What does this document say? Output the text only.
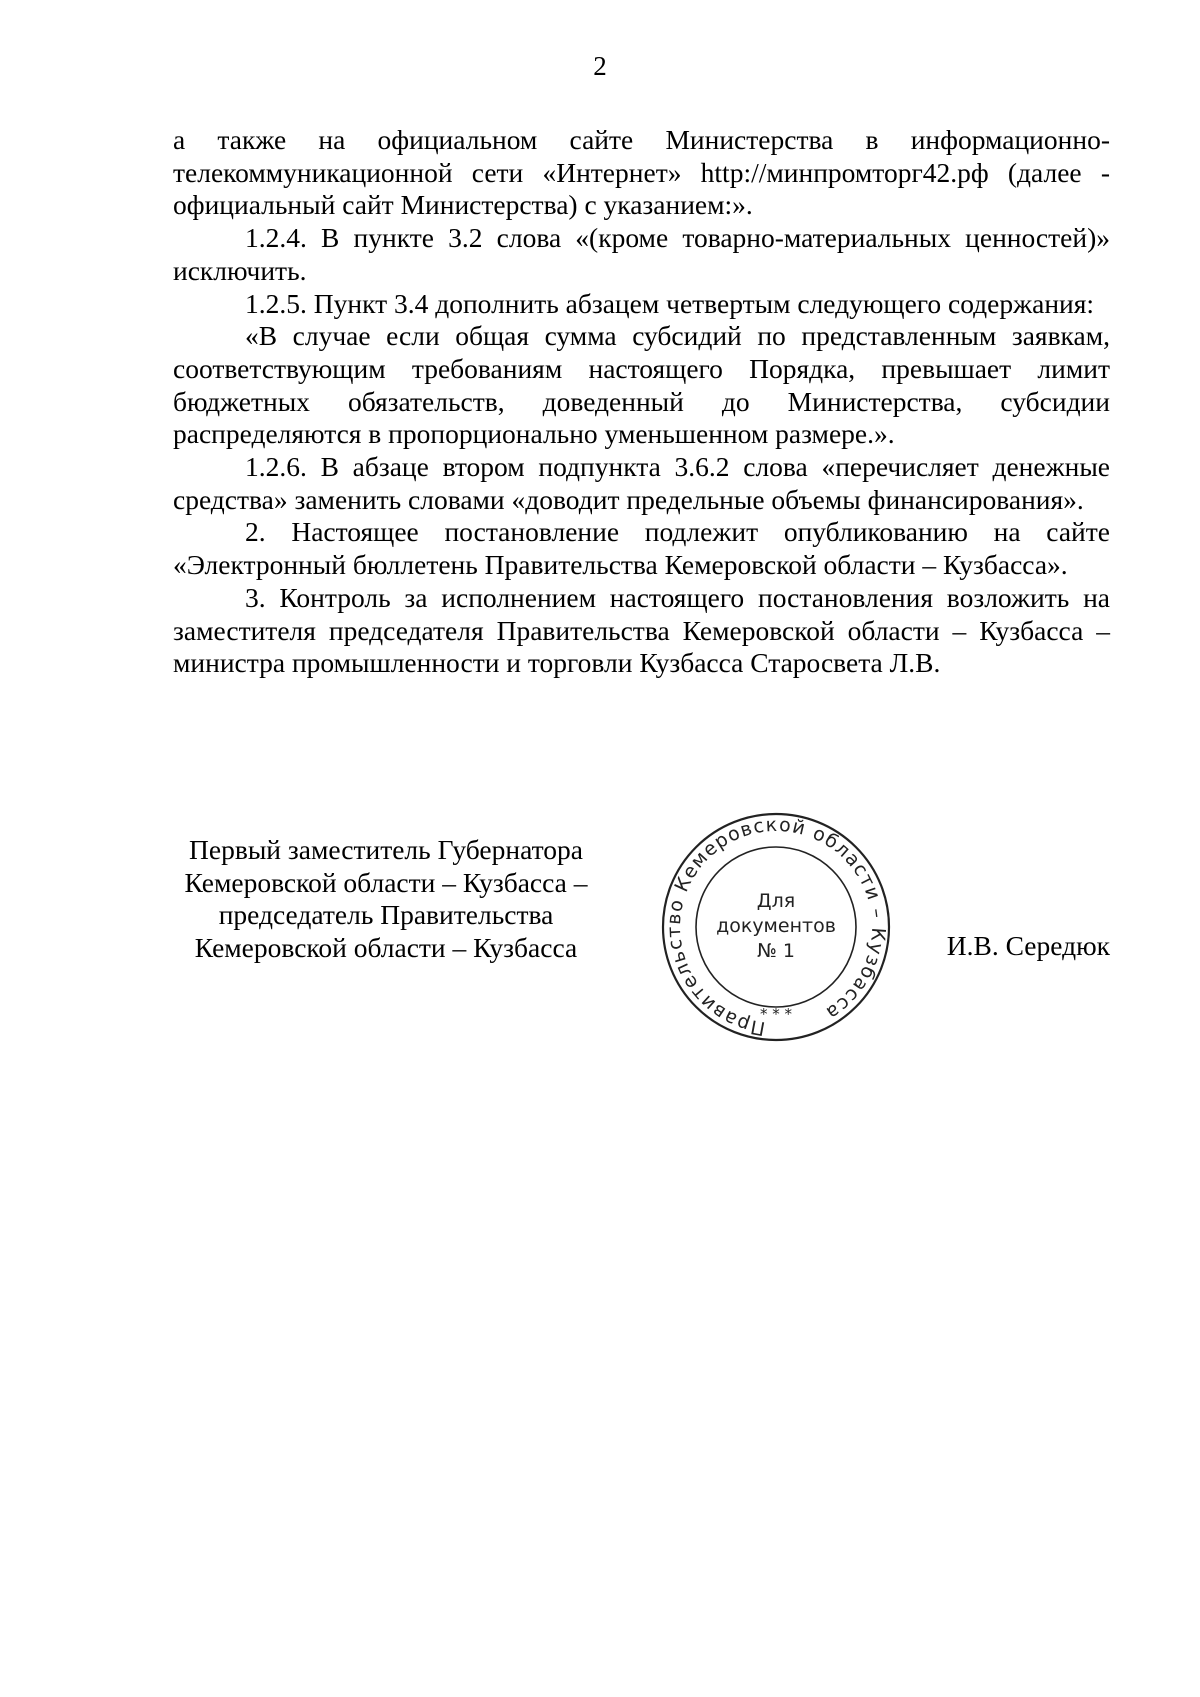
2

а также на официальном сайте Министерства в информационно-телекоммуникационной сети «Интернет» http://минпромторг42.рф (далее - официальный сайт Министерства) с указанием:».

1.2.4. В пункте 3.2 слова «(кроме товарно-материальных ценностей)» исключить.

1.2.5. Пункт 3.4 дополнить абзацем четвертым следующего содержания:

«В случае если общая сумма субсидий по представленным заявкам, соответствующим требованиям настоящего Порядка, превышает лимит бюджетных обязательств, доведенный до Министерства, субсидии распределяются в пропорционально уменьшенном размере.».

1.2.6. В абзаце втором подпункта 3.6.2 слова «перечисляет денежные средства» заменить словами «доводит предельные объемы финансирования».

2. Настоящее постановление подлежит опубликованию на сайте «Электронный бюллетень Правительства Кемеровской области – Кузбасса».

3. Контроль за исполнением настоящего постановления возложить на заместителя председателя Правительства Кемеровской области – Кузбасса – министра промышленности и торговли Кузбасса Старосвета Л.В.

Первый заместитель Губернатора
Кемеровской области – Кузбасса –
председатель Правительства
Кемеровской области – Кузбасса
Правительство Кемеровской области – Кузбасса
* * *
Для
документов
№ 1	И.В. Середюк
